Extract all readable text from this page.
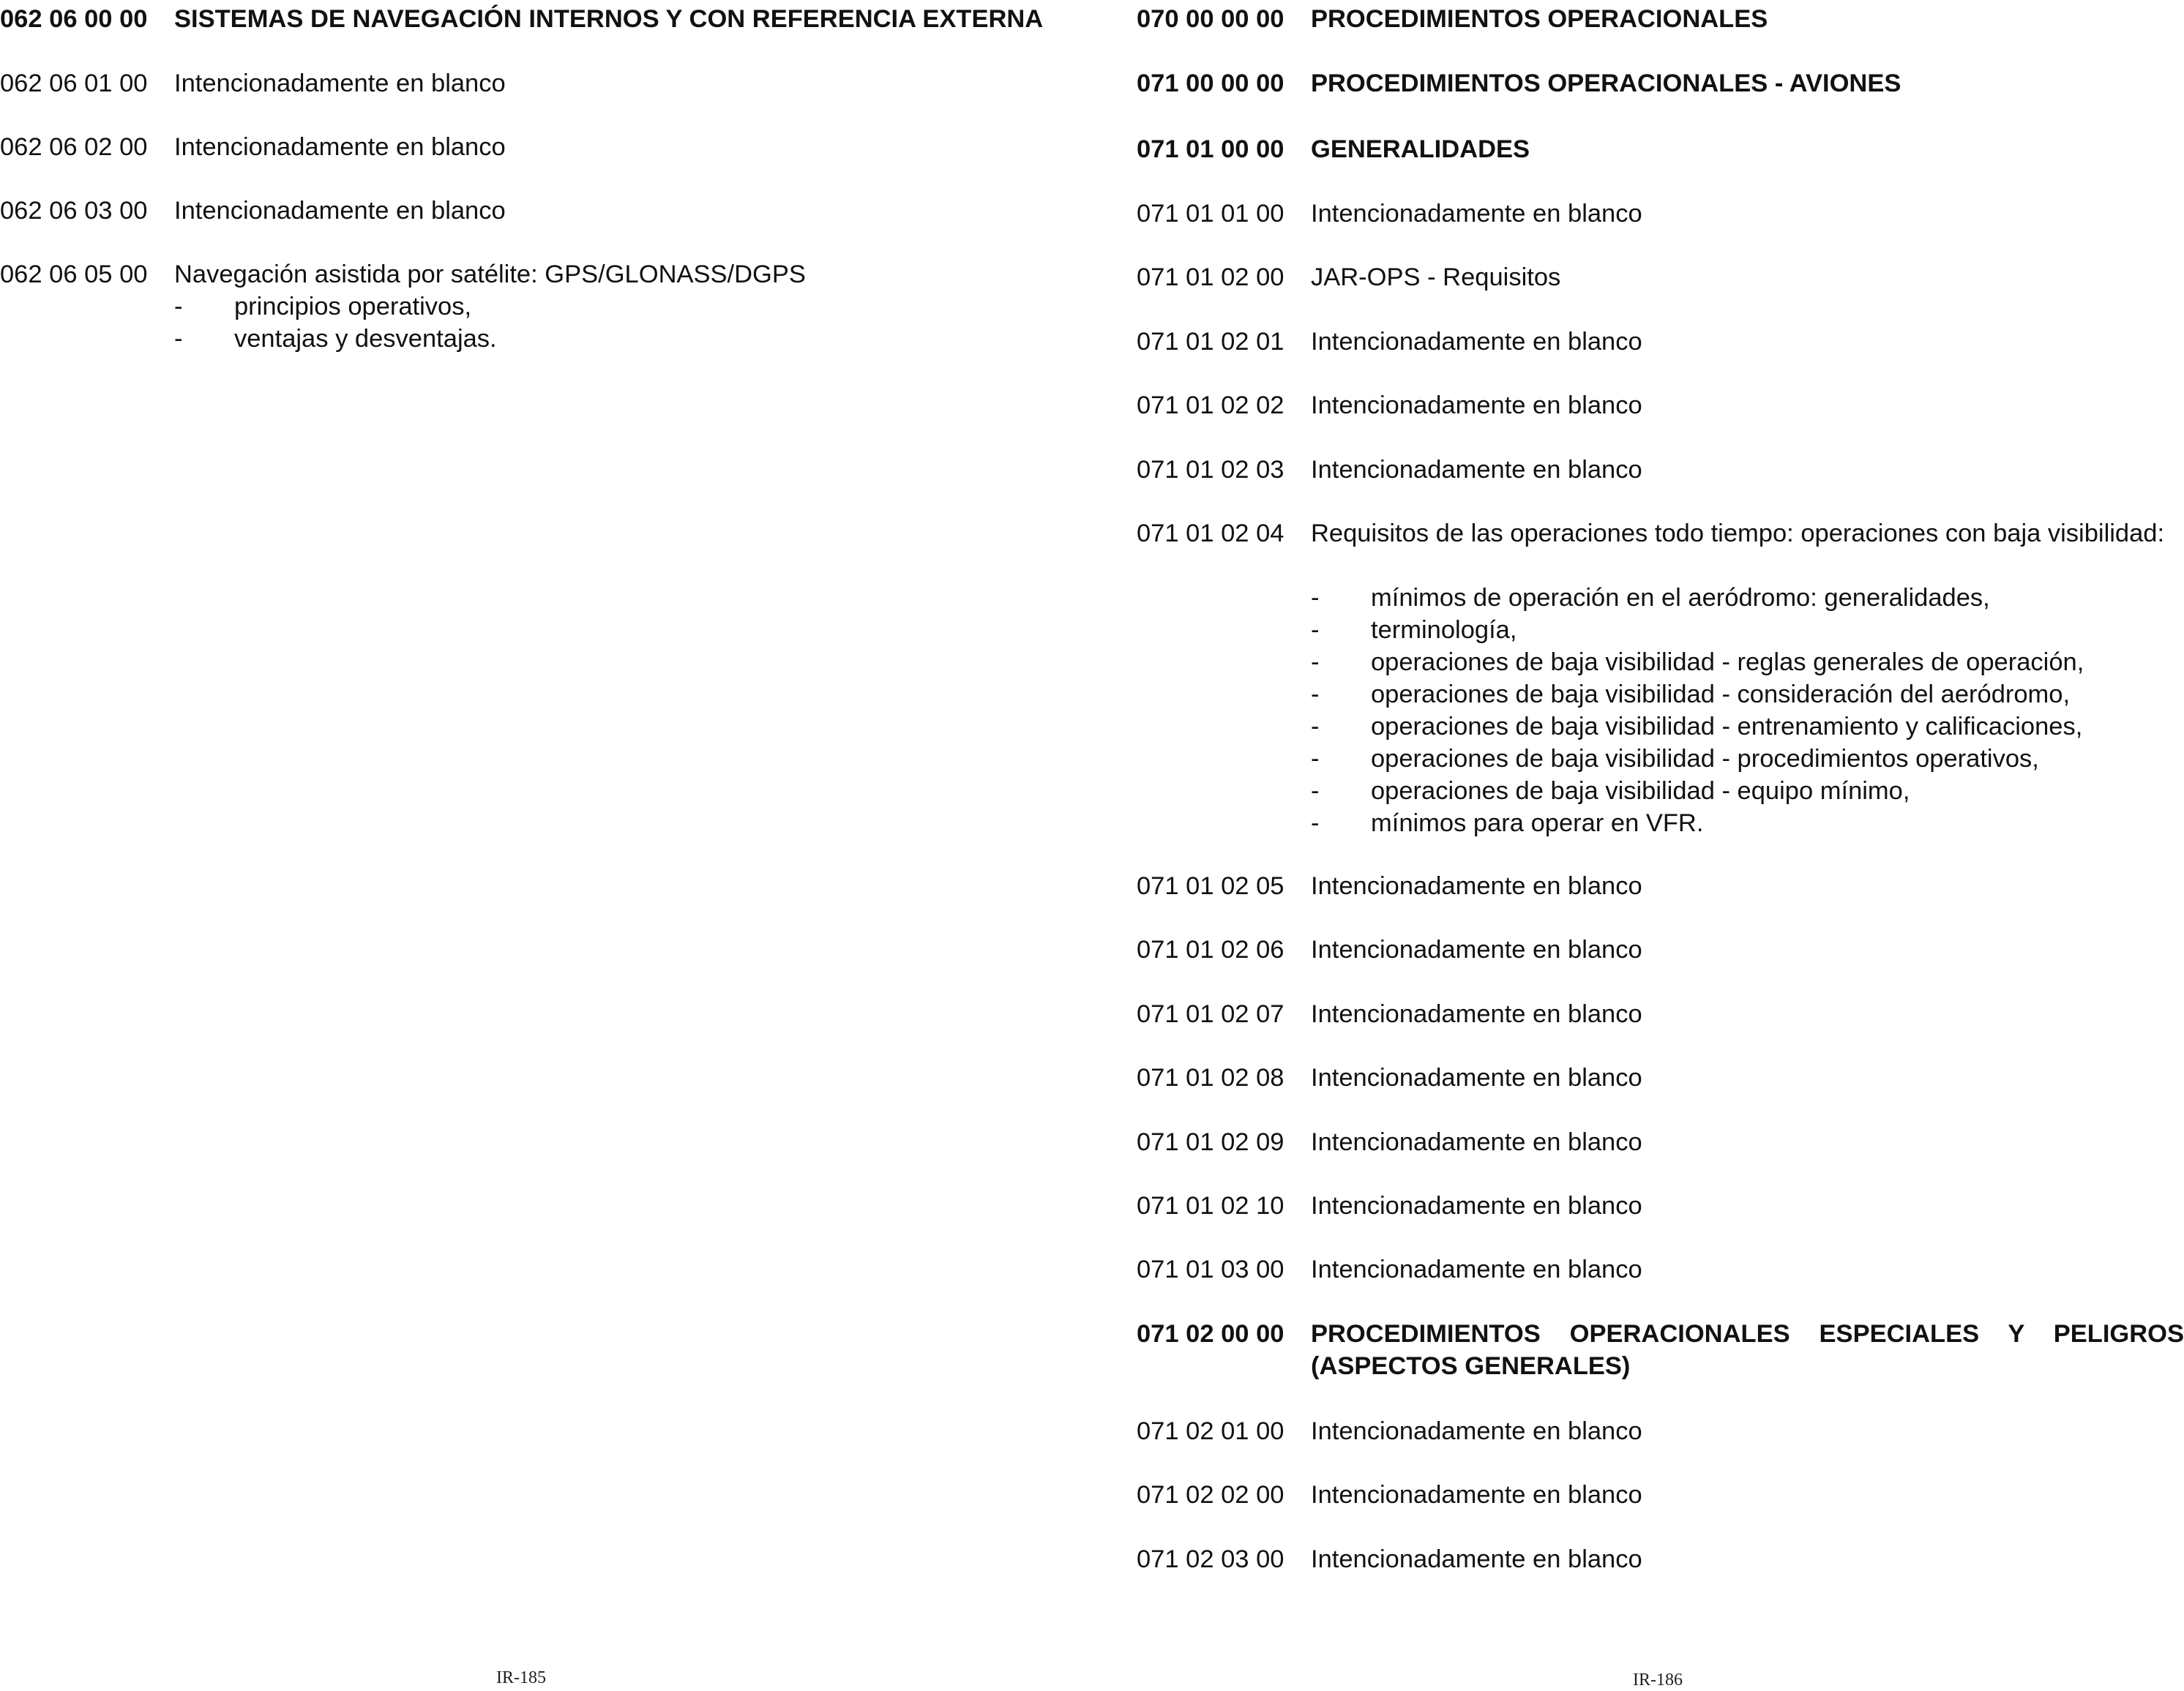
062 06 00 00 SISTEMAS DE NAVEGACIÓN INTERNOS Y CON REFERENCIA EXTERNA
062 06 01 00 Intencionadamente en blanco
062 06 02 00 Intencionadamente en blanco
062 06 03 00 Intencionadamente en blanco
062 06 05 00 Navegación asistida por satélite: GPS/GLONASS/DGPS
- principios operativos,
- ventajas y desventajas.
IR-185
070 00 00 00 PROCEDIMIENTOS OPERACIONALES
071 00 00 00 PROCEDIMIENTOS OPERACIONALES - AVIONES
071 01 00 00 GENERALIDADES
071 01 01 00 Intencionadamente en blanco
071 01 02 00 JAR-OPS - Requisitos
071 01 02 01 Intencionadamente en blanco
071 01 02 02 Intencionadamente en blanco
071 01 02 03 Intencionadamente en blanco
071 01 02 04 Requisitos de las operaciones todo tiempo: operaciones con baja visibilidad:
- mínimos de operación en el aeródromo: generalidades,
- terminología,
- operaciones de baja visibilidad - reglas generales de operación,
- operaciones de baja visibilidad - consideración del aeródromo,
- operaciones de baja visibilidad - entrenamiento y calificaciones,
- operaciones de baja visibilidad - procedimientos operativos,
- operaciones de baja visibilidad - equipo mínimo,
- mínimos para operar en VFR.
071 01 02 05 Intencionadamente en blanco
071 01 02 06 Intencionadamente en blanco
071 01 02 07 Intencionadamente en blanco
071 01 02 08 Intencionadamente en blanco
071 01 02 09 Intencionadamente en blanco
071 01 02 10 Intencionadamente en blanco
071 01 03 00 Intencionadamente en blanco
071 02 00 00 PROCEDIMIENTOS OPERACIONALES ESPECIALES Y PELIGROS
(ASPECTOS GENERALES)
071 02 01 00 Intencionadamente en blanco
071 02 02 00 Intencionadamente en blanco
071 02 03 00 Intencionadamente en blanco
IR-186
